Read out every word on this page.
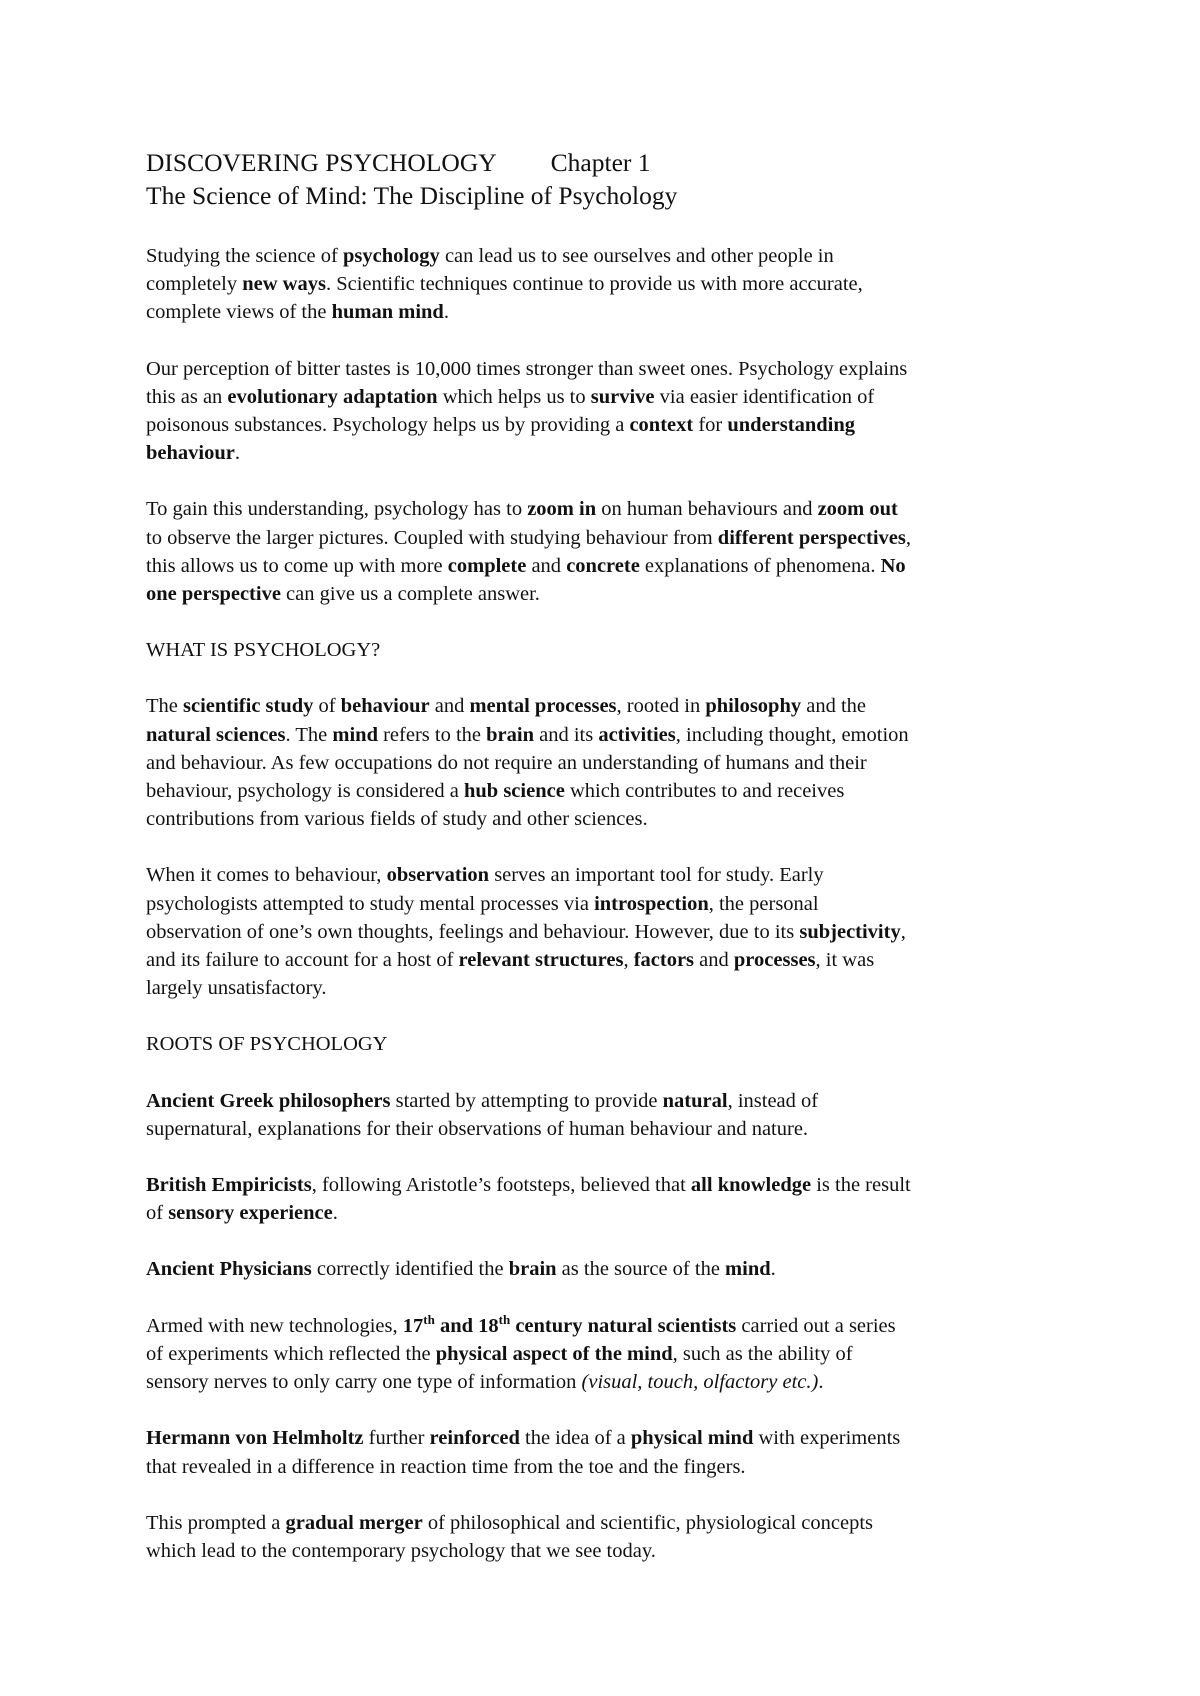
DISCOVERING PSYCHOLOGY Chapter 1

The Science of Mind: The Discipline of Psychology

Studying the science of psychology can lead us to see ourselves and other people in
completely new ways. Scientific techniques continue to provide us with more accurate,
complete views of the human mind.

Our perception of bitter tastes is 10,000 times stronger than sweet ones. Psychology explains
this as an evolutionary adaptation which helps us to survive via easier identification of
poisonous substances. Psychology helps us by providing a context for understanding
behaviour.

To gain this understanding, psychology has to zoom in on human behaviours and zoom out
to observe the larger pictures. Coupled with studying behaviour from different perspectives,
this allows us to come up with more complete and concrete explanations of phenomena. No
one perspective can give us a complete answer.

WHAT IS PSYCHOLOGY?

The scientific study of behaviour and mental processes, rooted in philosophy and the
natural sciences. The mind refers to the brain and its activities, including thought, emotion
and behaviour. As few occupations do not require an understanding of humans and their
behaviour, psychology is considered a hub science which contributes to and receives
contributions from various fields of study and other sciences.

When it comes to behaviour, observation serves an important tool for study. Early
psychologists attempted to study mental processes via introspection, the personal
observation of one’s own thoughts, feelings and behaviour. However, due to its subjectivity,
and its failure to account for a host of relevant structures, factors and processes, it was
largely unsatisfactory.

ROOTS OF PSYCHOLOGY

Ancient Greek philosophers started by attempting to provide natural, instead of
supernatural, explanations for their observations of human behaviour and nature.

British Empiricists, following Aristotle’s footsteps, believed that all knowledge is the result
of sensory experience.

Ancient Physicians correctly identified the brain as the source of the mind.

Armed with new technologies, 17th and 18th century natural scientists carried out a series
of experiments which reflected the physical aspect of the mind, such as the ability of
sensory nerves to only carry one type of information (visual, touch, olfactory etc.).

Hermann von Helmholtz further reinforced the idea of a physical mind with experiments
that revealed in a difference in reaction time from the toe and the fingers.

This prompted a gradual merger of philosophical and scientific, physiological concepts
which lead to the contemporary psychology that we see today.
